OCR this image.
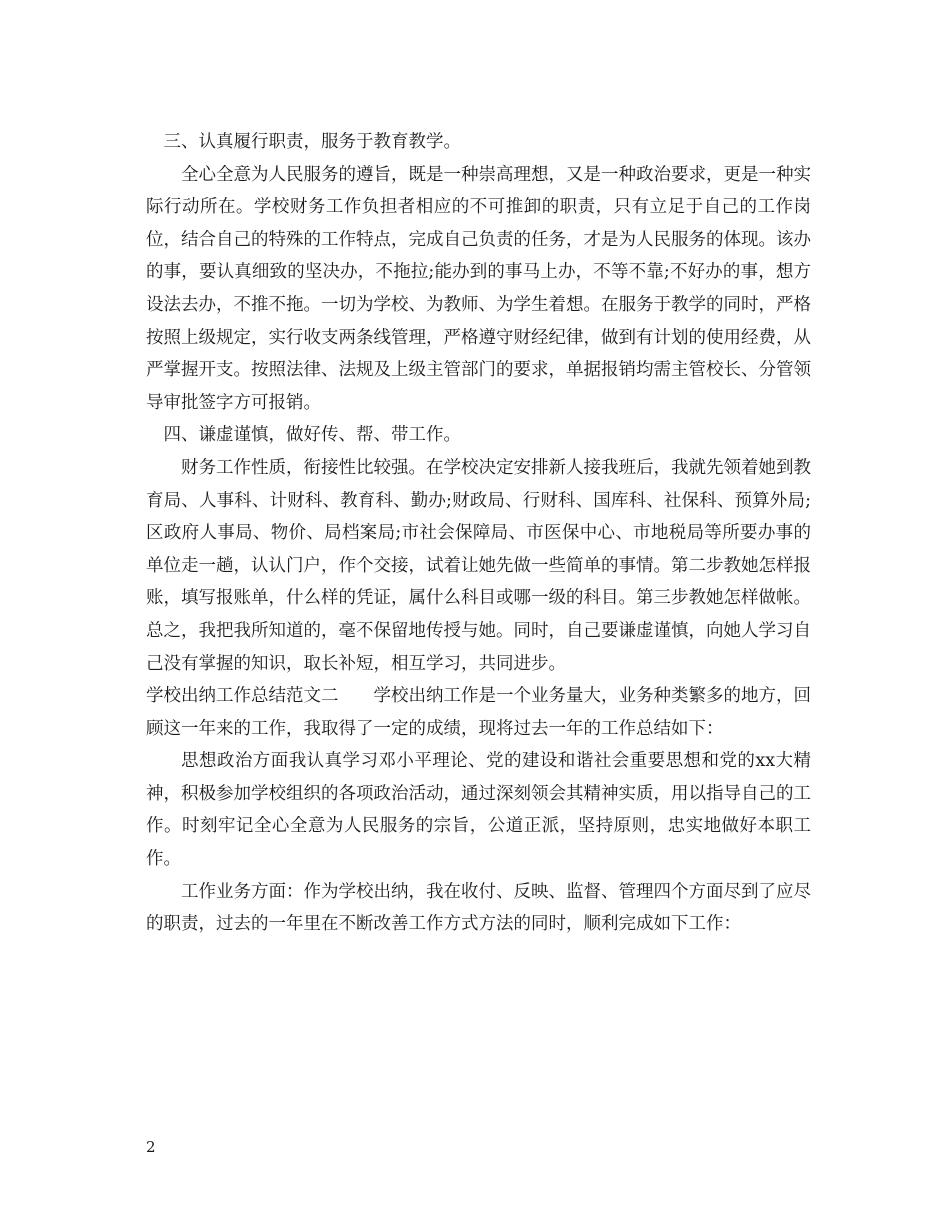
三、认真履行职责，服务于教育教学。

全心全意为人民服务的遵旨，既是一种崇高理想，又是一种政治要求，更是一种实际行动所在。学校财务工作负担者相应的不可推卸的职责，只有立足于自己的工作岗位，结合自己的特殊的工作特点，完成自己负责的任务，才是为人民服务的体现。该办的事，要认真细致的坚决办，不拖拉;能办到的事马上办，不等不靠;不好办的事，想方设法去办，不推不拖。一切为学校、为教师、为学生着想。在服务于教学的同时，严格按照上级规定，实行收支两条线管理，严格遵守财经纪律，做到有计划的使用经费，从严掌握开支。按照法律、法规及上级主管部门的要求，单据报销均需主管校长、分管领导审批签字方可报销。

四、谦虚谨慎，做好传、帮、带工作。

财务工作性质，衔接性比较强。在学校决定安排新人接我班后，我就先领着她到教育局、人事科、计财科、教育科、勤办;财政局、行财科、国库科、社保科、预算外局;区政府人事局、物价、局档案局;市社会保障局、市医保中心、市地税局等所要办事的单位走一趟，认认门户，作个交接，试着让她先做一些简单的事情。第二步教她怎样报账，填写报账单，什么样的凭证，属什么科目或哪一级的科目。第三步教她怎样做帐。总之，我把我所知道的，毫不保留地传授与她。同时，自己要谦虚谨慎，向她人学习自己没有掌握的知识，取长补短，相互学习，共同进步。

学校出纳工作总结范文二　　学校出纳工作是一个业务量大，业务种类繁多的地方，回顾这一年来的工作，我取得了一定的成绩，现将过去一年的工作总结如下：

思想政治方面我认真学习邓小平理论、党的建设和谐社会重要思想和党的xx大精神，积极参加学校组织的各项政治活动，通过深刻领会其精神实质，用以指导自己的工作。时刻牢记全心全意为人民服务的宗旨，公道正派，坚持原则，忠实地做好本职工作。

工作业务方面：作为学校出纳，我在收付、反映、监督、管理四个方面尽到了应尽的职责，过去的一年里在不断改善工作方式方法的同时，顺利完成如下工作：

2
